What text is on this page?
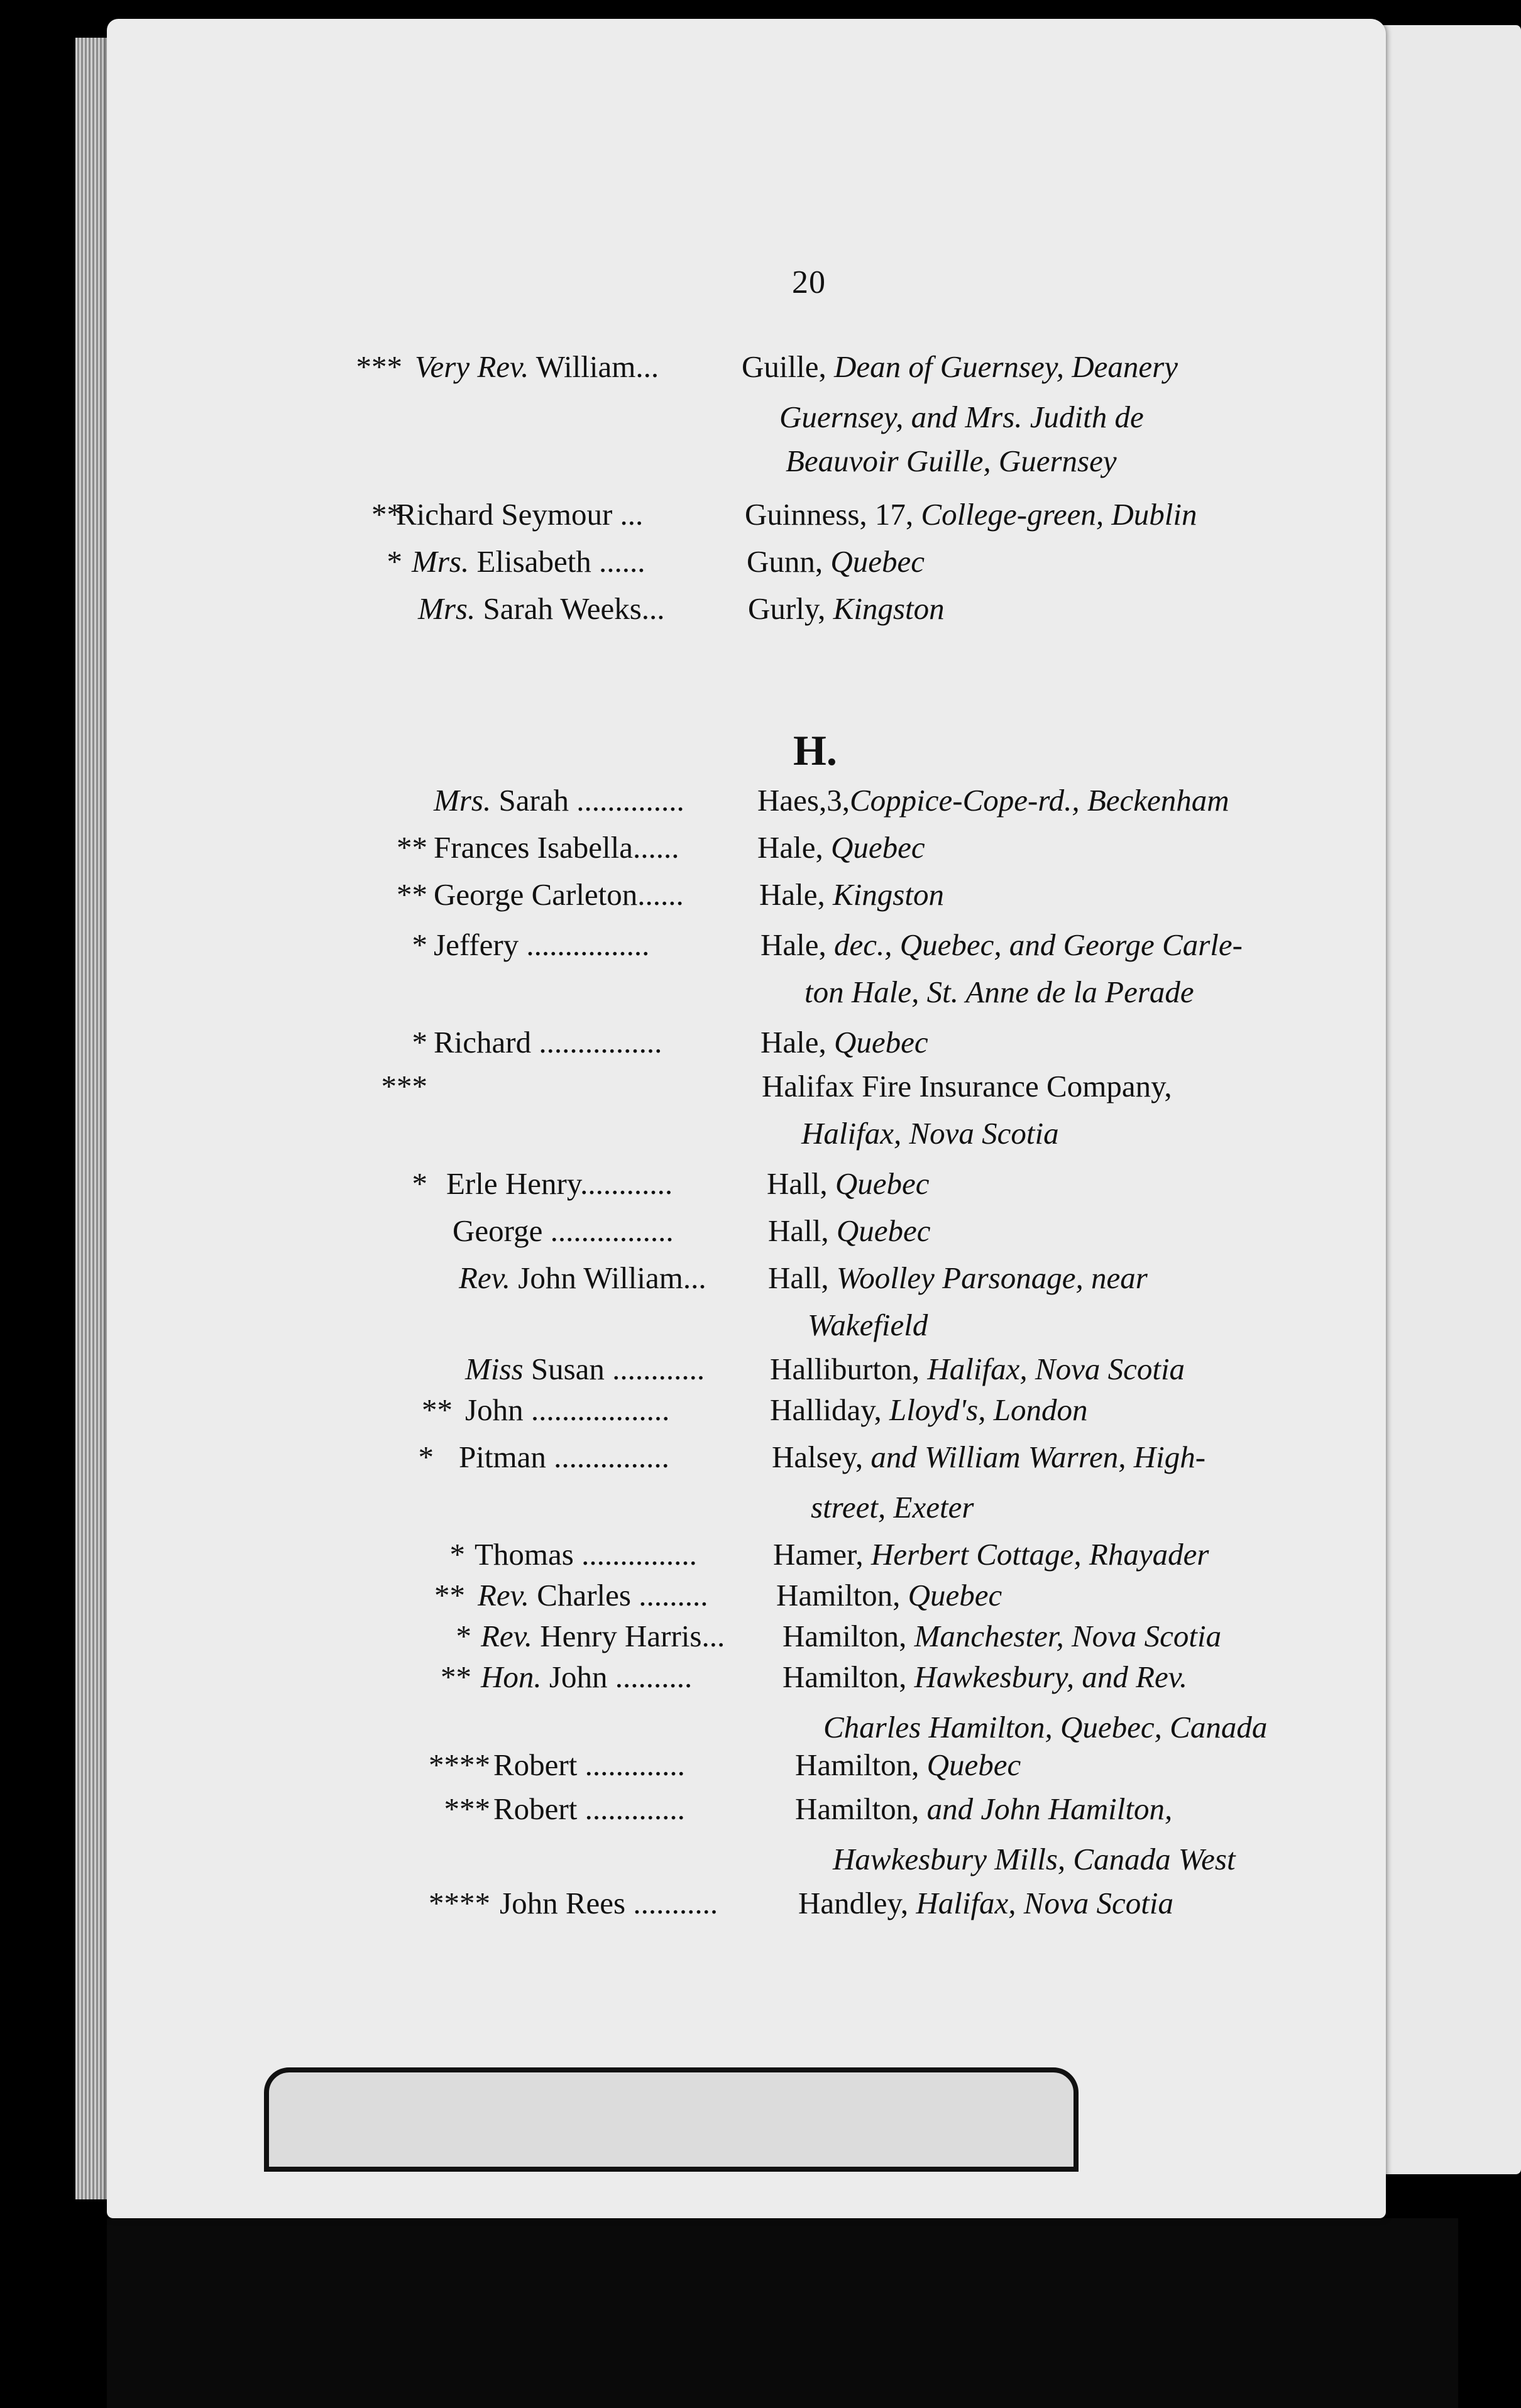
20
*** Very Rev. William...	Guille, Dean of Guernsey, Deanery
Guernsey, and Mrs. Judith de
Beauvoir Guille, Guernsey
**
Richard Seymour ...	Guinness, 17, College-green, Dublin
* Mrs. Elisabeth ......	Gunn, Quebec
Mrs. Sarah Weeks...	Gurly, Kingston
H.
Mrs. Sarah .............. Haes,3,Coppice-Cope-rd., Beckenham
** Frances Isabella......	Hale, Quebec
** George Carleton...... Hale, Kingston
* Jeffery ................	Hale, dec., Quebec, and George Carle-
ton Hale, St. Anne de la Perade
* Richard ................	Hale, Quebec
***	Halifax Fire Insurance Company,
Halifax, Nova Scotia
* Erle Henry............	Hall, Quebec
George ................	Hall, Quebec
Rev. John William... Hall, Woolley Parsonage, near
Wakefield
Miss Susan ............ Halliburton, Halifax, Nova Scotia
** John ..................	Halliday, Lloyd's, London
* Pitman ...............	Halsey, and William Warren, High-
street, Exeter
* Thomas ............... Hamer, Herbert Cottage, Rhayader
** Rev. Charles ......... Hamilton, Quebec
* Rev. Henry Harris... Hamilton, Manchester, Nova Scotia
** Hon. John ..........	Hamilton, Hawkesbury, and Rev.
Charles Hamilton, Quebec, Canada
**** Robert .............	Hamilton, Quebec
*** Robert .............	Hamilton, and John Hamilton,
Hawkesbury Mills, Canada West
**** John Rees ...........	Handley, Halifax, Nova Scotia
